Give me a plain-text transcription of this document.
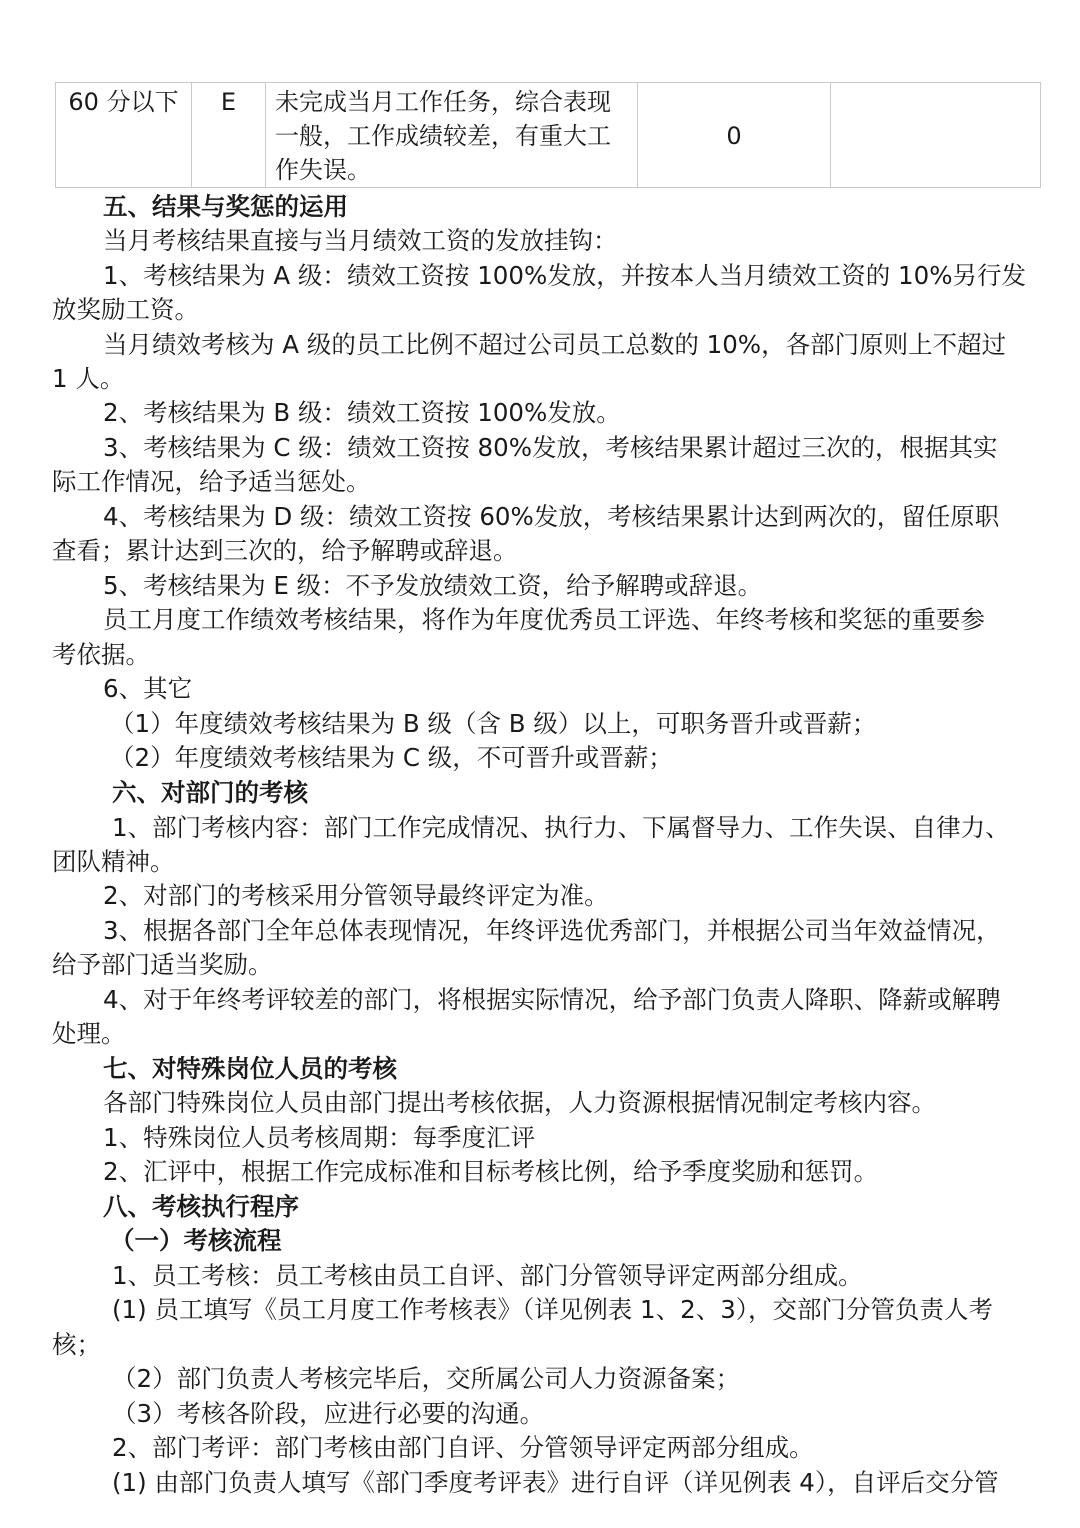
60 分以下	E	未完成当月工作任务，综合表现一般，工作成绩较差，有重大工作失误。	0	
五、结果与奖惩的运用
当月考核结果直接与当月绩效工资的发放挂钩：
1、考核结果为 A 级：绩效工资按 100%发放，并按本人当月绩效工资的 10%另行发
放奖励工资。
当月绩效考核为 A 级的员工比例不超过公司员工总数的 10%，各部门原则上不超过
1 人。
2、考核结果为 B 级：绩效工资按 100%发放。
3、考核结果为 C 级：绩效工资按 80%发放，考核结果累计超过三次的，根据其实
际工作情况，给予适当惩处。
4、考核结果为 D 级：绩效工资按 60%发放，考核结果累计达到两次的，留任原职
查看；累计达到三次的，给予解聘或辞退。
5、考核结果为 E 级：不予发放绩效工资，给予解聘或辞退。
员工月度工作绩效考核结果，将作为年度优秀员工评选、年终考核和奖惩的重要参
考依据。
6、其它
（1）年度绩效考核结果为 B 级（含 B 级）以上，可职务晋升或晋薪；
（2）年度绩效考核结果为 C 级，不可晋升或晋薪；
六、对部门的考核
1、部门考核内容：部门工作完成情况、执行力、下属督导力、工作失误、自律力、
团队精神。
2、对部门的考核采用分管领导最终评定为准。
3、根据各部门全年总体表现情况，年终评选优秀部门，并根据公司当年效益情况，
给予部门适当奖励。
4、对于年终考评较差的部门，将根据实际情况，给予部门负责人降职、降薪或解聘
处理。
七、对特殊岗位人员的考核
各部门特殊岗位人员由部门提出考核依据，人力资源根据情况制定考核内容。
1、特殊岗位人员考核周期：每季度汇评
2、汇评中，根据工作完成标准和目标考核比例，给予季度奖励和惩罚。
八、考核执行程序
（一）考核流程
1、员工考核：员工考核由员工自评、部门分管领导评定两部分组成。
(1) 员工填写《员工月度工作考核表》（详见例表 1、2、3），交部门分管负责人考
核；
（2）部门负责人考核完毕后，交所属公司人力资源备案；
（3）考核各阶段，应进行必要的沟通。
2、部门考评：部门考核由部门自评、分管领导评定两部分组成。
(1) 由部门负责人填写《部门季度考评表》进行自评（详见例表 4），自评后交分管
